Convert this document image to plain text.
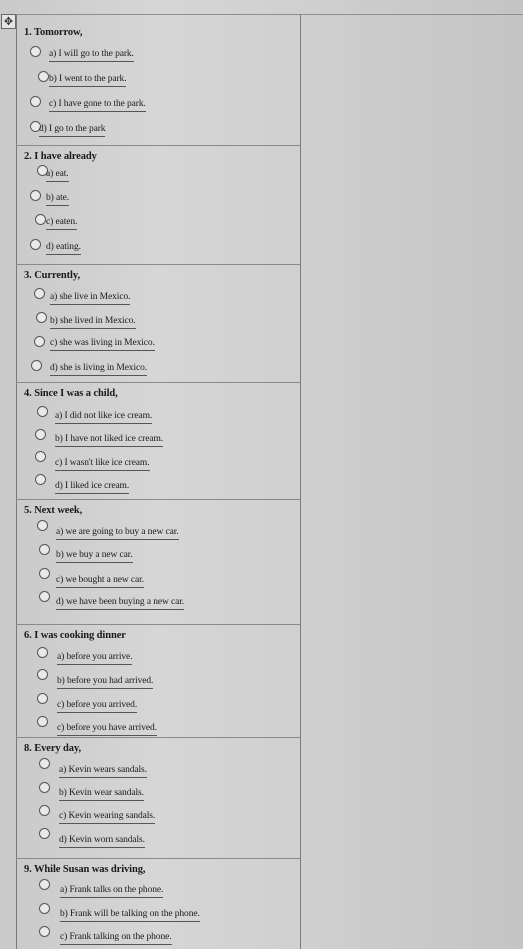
✥
1. Tomorrow,
a) I will go to the park.
b) I went to the park.
c) I have gone to the park.
d) I go to the park
2. I have already
a) eat.
b) ate.
c) eaten.
d) eating.
3. Currently,
a) she live in Mexico.
b) she lived in Mexico.
c) she was living in Mexico.
d) she is living in Mexico.
4. Since I was a child,
a) I did not like ice cream.
b) I have not liked ice cream.
c) I wasn't like ice cream.
d) I liked ice cream.
5. Next week,
a) we are going to buy a new car.
b) we buy a new car.
c) we bought a new car.
d) we have been buying a new car.
6. I was cooking dinner
a) before you arrive.
b) before you had arrived.
c) before you arrived.
c) before you have arrived.
8. Every day,
a) Kevin wears sandals.
b) Kevin wear sandals.
c) Kevin wearing sandals.
d) Kevin worn sandals.
9. While Susan was driving,
a) Frank talks on the phone.
b) Frank will be talking on the phone.
c) Frank talking on the phone.
